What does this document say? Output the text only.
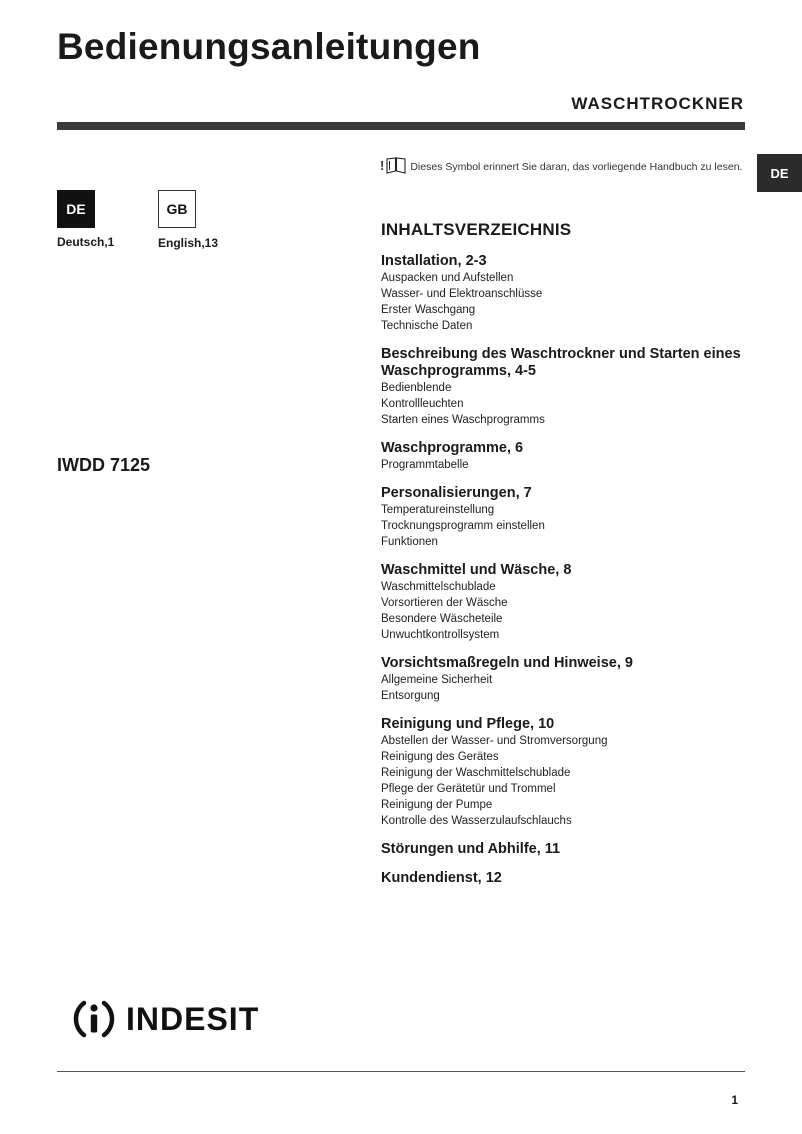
Bedienungsanleitungen
WASCHTROCKNER
DE
DE	GB
Deutsch,1	English,13
IWDD 7125
! Dieses Symbol erinnert Sie daran, das vorliegende Handbuch zu lesen.
INHALTSVERZEICHNIS
Installation, 2-3
Auspacken und Aufstellen
Wasser- und Elektroanschlüsse
Erster Waschgang
Technische Daten
Beschreibung des Waschtrockner und Starten eines Waschprogramms, 4-5
Bedienblende
Kontrollleuchten
Starten eines Waschprogramms
Waschprogramme, 6
Programmtabelle
Personalisierungen, 7
Temperatureinstellung
Trocknungsprogramm einstellen
Funktionen
Waschmittel und Wäsche, 8
Waschmittelschublade
Vorsortieren der Wäsche
Besondere Wäscheteile
Unwuchtkontrollsystem
Vorsichtsmaßregeln und Hinweise, 9
Allgemeine Sicherheit
Entsorgung
Reinigung und Pflege, 10
Abstellen der Wasser- und Stromversorgung
Reinigung des Gerätes
Reinigung der Waschmittelschublade
Pflege der Gerätetür und Trommel
Reinigung der Pumpe
Kontrolle des Wasserzulaufschlauchs
Störungen und Abhilfe, 11
Kundendienst, 12
INDESIT
1
